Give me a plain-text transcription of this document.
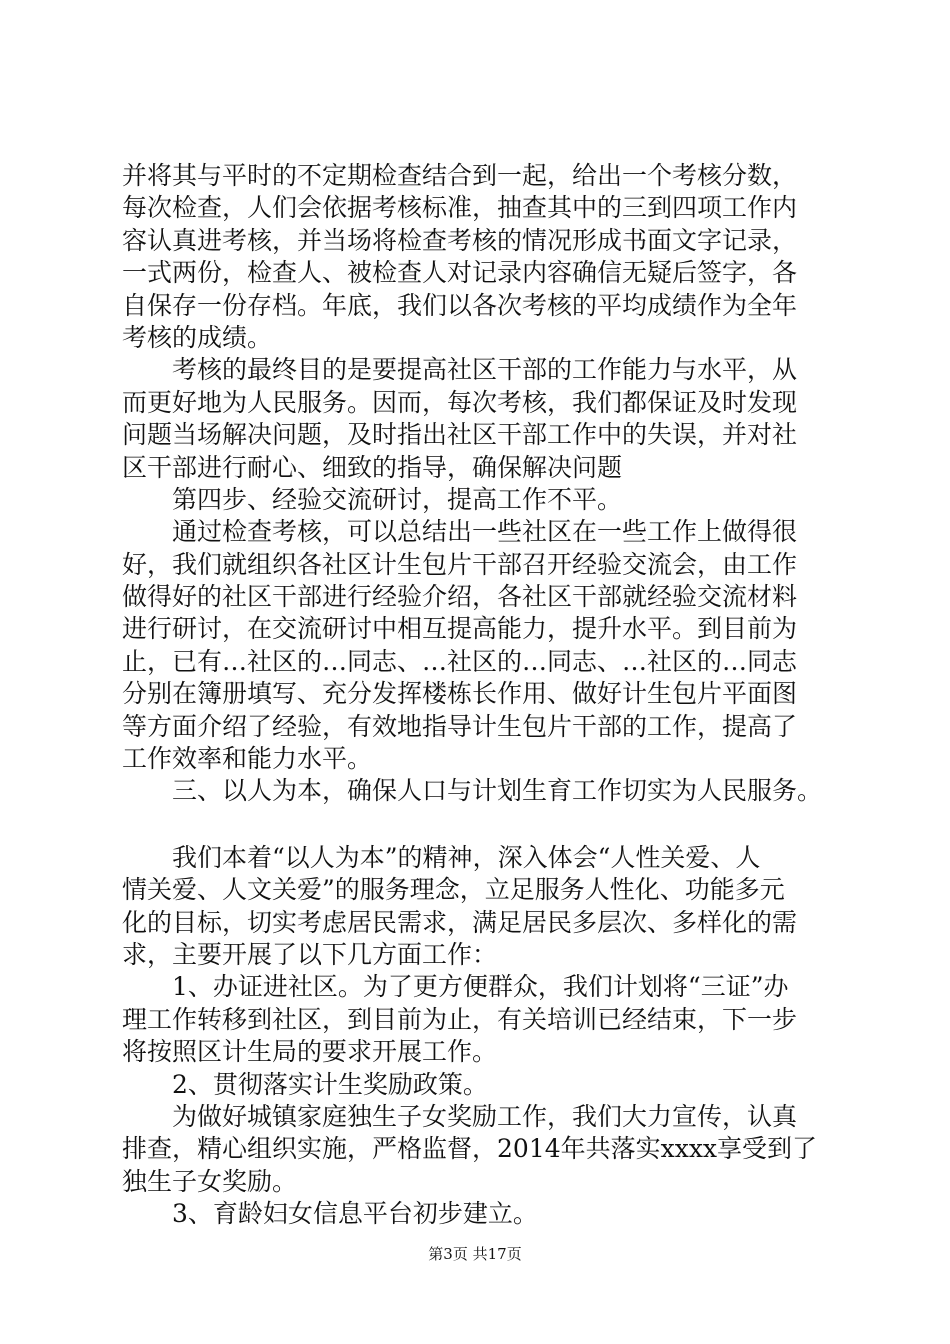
并将其与平时的不定期检查结合到一起，给出一个考核分数，
每次检查，人们会依据考核标准，抽查其中的三到四项工作内
容认真进考核，并当场将检查考核的情况形成书面文字记录，
一式两份，检查人、被检查人对记录内容确信无疑后签字，各
自保存一份存档。年底，我们以各次考核的平均成绩作为全年
考核的成绩。
考核的最终目的是要提高社区干部的工作能力与水平，从
而更好地为人民服务。因而，每次考核，我们都保证及时发现
问题当场解决问题，及时指出社区干部工作中的失误，并对社
区干部进行耐心、细致的指导，确保解决问题
第四步、经验交流研讨，提高工作不平。
通过检查考核，可以总结出一些社区在一些工作上做得很
好，我们就组织各社区计生包片干部召开经验交流会，由工作
做得好的社区干部进行经验介绍，各社区干部就经验交流材料
进行研讨，在交流研讨中相互提高能力，提升水平。到目前为
止，已有…社区的…同志、…社区的…同志、…社区的…同志
分别在簿册填写、充分发挥楼栋长作用、做好计生包片平面图
等方面介绍了经验，有效地指导计生包片干部的工作，提高了
工作效率和能力水平。
三、以人为本，确保人口与计划生育工作切实为人民服务。
我们本着“以人为本”的精神，深入体会“人性关爱、人
情关爱、人文关爱”的服务理念，立足服务人性化、功能多元
化的目标，切实考虑居民需求，满足居民多层次、多样化的需
求，主要开展了以下几方面工作：
1、办证进社区。为了更方便群众，我们计划将“三证”办
理工作转移到社区，到目前为止，有关培训已经结束，下一步
将按照区计生局的要求开展工作。
2、贯彻落实计生奖励政策。
为做好城镇家庭独生子女奖励工作，我们大力宣传，认真
排查，精心组织实施，严格监督，2014年共落实xxxx享受到了
独生子女奖励。
3、育龄妇女信息平台初步建立。
第3页 共17页
